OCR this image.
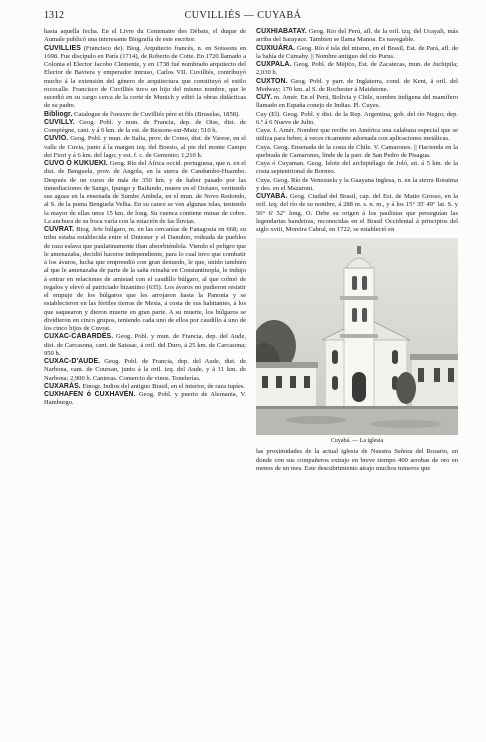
1312	CUVILLIÉS — CUYABÁ

hasta aquella fecha. En el Livre du Centenaire des Débats, el duque de Aumale publicó una interesante Biografía de este escritor.

CUVILLIES (Francisco de). Biog. Arquitecto francés, n. en Soissons en 1698. Fue discípulo en París (1714), de Roberto de Cotte. En 1720 llamado a Colonia el Elector Jacobo Clemente, y en 1738 fué nombrado arquitecto del Elector de Baviera y emperador intruso, Carlos VII. Cuvilliés, contribuyó mucho á la extensión del género de arquitectura que constituyó el estilo rococalle. Francisco de Cuvilliés tuvo un hijo del mismo nombre, que le sucedió en su cargo cerca de la corte de Munich y editó la obras didácticas de su padre.

Bibliogr. Catalogue de l'oeuvre de Cuvilliés père et fils (Bruselas, 1858).

CUVILLY. Geog. Pobl. y mun. de Francia, dep. de Oise, dist. de Compiègne, cant. y á 6 km. de la est. de Ressons-sur-Matz; 510 h.

CUVIO. Geog. Pobl. y mun. de Italia, prov. de Como, dist. de Varese, en el valle de Cuvia, junto á la margen izq. del Boesio, al pie del monte Campo dei Fiori y á 6 km. del lago; y est. f. c. de Gemonio; 1,210 h.

CUVO Ó KUKUEKI. Geog. Río del África occid. portuguesa, que n. en el dist. de Benguela, prov. de Angola, en la sierra de Candumbo-Huambo. Después de un curso de más de 350 km. y de haber pasado por las inmediaciones de Sango, Ipungo y Bailundo, muere en el Océano, vertiendo sus aguas en la ensenada de Sumbe Ambela, en el mun. de Novo Redondo, al S. de la punta Benguela Velha. En su cauce se ven algunas islas, teniendo la mayor de ellas unos 15 km. de long. Su cuenca contiene minas de cobre. La anchura de su boca varía con la estación de las lluvias.

CUVRAT. Biog. Jefe búlgaro, m. en las cercanías de Fanagosia en 668; su tribu estaba establecida entre el Dniester y el Danubio, rodeada de pueblos de raza eslava que paulatinamente iban absorbiéndola. Viendo el peligro que le amenazaba, decidió hacerse independiente, para lo cual tuvo que combatir á los ávaros, lucha que emprendió con gran denuedo, le que, unido también al que le amenazaba de parte de la saña reinaba en Constantinopla, le indujo á entrar en relaciones de amistad con el caudillo búlgaro, al que colmó de regalos y elevó al patriciado bizantino (635). Los ávaros no pudieron resistir el empuje de los búlgaros que les arrojaron hasta la Panonia y se establecieron en las fértiles tierras de Mesia, á costa de sus habitantes, á los que saquearon y dieron muerte en gran parte. A su muerte, los búlgaros se dividieron en cinco grupos, teniendo cada uno de ellos por caudillo á uno de los cinco hijos de Cuvrat.

CUXAC-CABARDÈS. Geog. Pobl. y mun. de Francia, dep. del Aude, dist. de Carcasona, cant. de Saissac, á oril. del Duro, á 25 km. de Carcasona; 950 h.

CUXAC-D'AUDE. Geog. Pobl. de Francia, dep. del Aude, dist. de Narbona, cant. de Coursan, junto á la oril. izq. del Aude, y á 11 km. de Narbona; 2,900 h. Canteras. Comercio de vinos. Tonelerías.

CUXARÁS. Etnogr. Indios del antiguo Brasil, en el interior, de raza tupíes.

CUXHAFEN ó CUXHAVÉN. Geog. Pobl. y puerto de Alemania, V. Hamburgo.

CUXHIABATAY. Geog. Río del Perú, afl. de la oril. izq. del Ucayali, más arriba del Sarayace. Tambien se llama Manoa. Es navegable.

CUXIUÁRA. Geog. Río é isla del mismo, en el Brasil, Est. de Pará, afl. de la bahía de Cumahy. || Nombre antiguo del río Purus.

CUXPALA. Geog. Pobl. de Méjico, Est. de Zacatecas, mun. de Juchipila; 2,030 h.

CUXTON. Geog. Pobl. y parr. de Inglaterra, cond. de Kent, á oril. del Medway; 170 km. al S. de Rochester á Maidstone.

CUY. m. Amér. En el Perú, Bolivia y Chile, nombre indígena del mamífero llamado en España conejo de Indias. Pl. Cuyes.

Cuy (El). Geog. Pobl. y dist. de la Rep. Argentina, gob. del río Negro; dep. 6.º á 6 Nueve de Julio.

Cuya. f. Amér. Nombre que recibe en América una calabaza especial que se utiliza para beber, á veces ricamente adornada con aplicaciones metálicas.

Cuya. Geog. Ensenada de la costa de Chile. V. Camarones. || Hacienda en la quebrada de Camarones, linde de la parr. de San Pedro de Pisagua.

Cuya ó Cuyaman. Geog. Islote del archipiélago de Joló, sit. á 5 km. de la costa septentrional de Borneo.

Cuya. Geog. Río de Venezuela y la Guayana inglesa, n. en la sierra Roraima y des. en el Mazaroni.

CUYABÁ. Geog. Ciudad del Brasil, cap. del Est. de Matto Grosso, en la oril. izq. del río de su nombre, á 288 m. s. n. m., y á los 15° 35' 49" lat. S. y 56° 6' 52" long. O. Debe su origen á los paulistas que perseguían las legendarias bandeiras, reconocidas en el Brasil Occidental á principios del siglo xviii, Moreira Cabral, en 1722, se estableció en

Cuyabá. — La iglesia

las proximidades de la actual iglesia de Nuestra Señora del Rosario, en donde con sus compañeros extrajo en breve tiempo 400 arrobas de oro en menos de un mes. Este descubrimiento atrajo muchos mineros que
